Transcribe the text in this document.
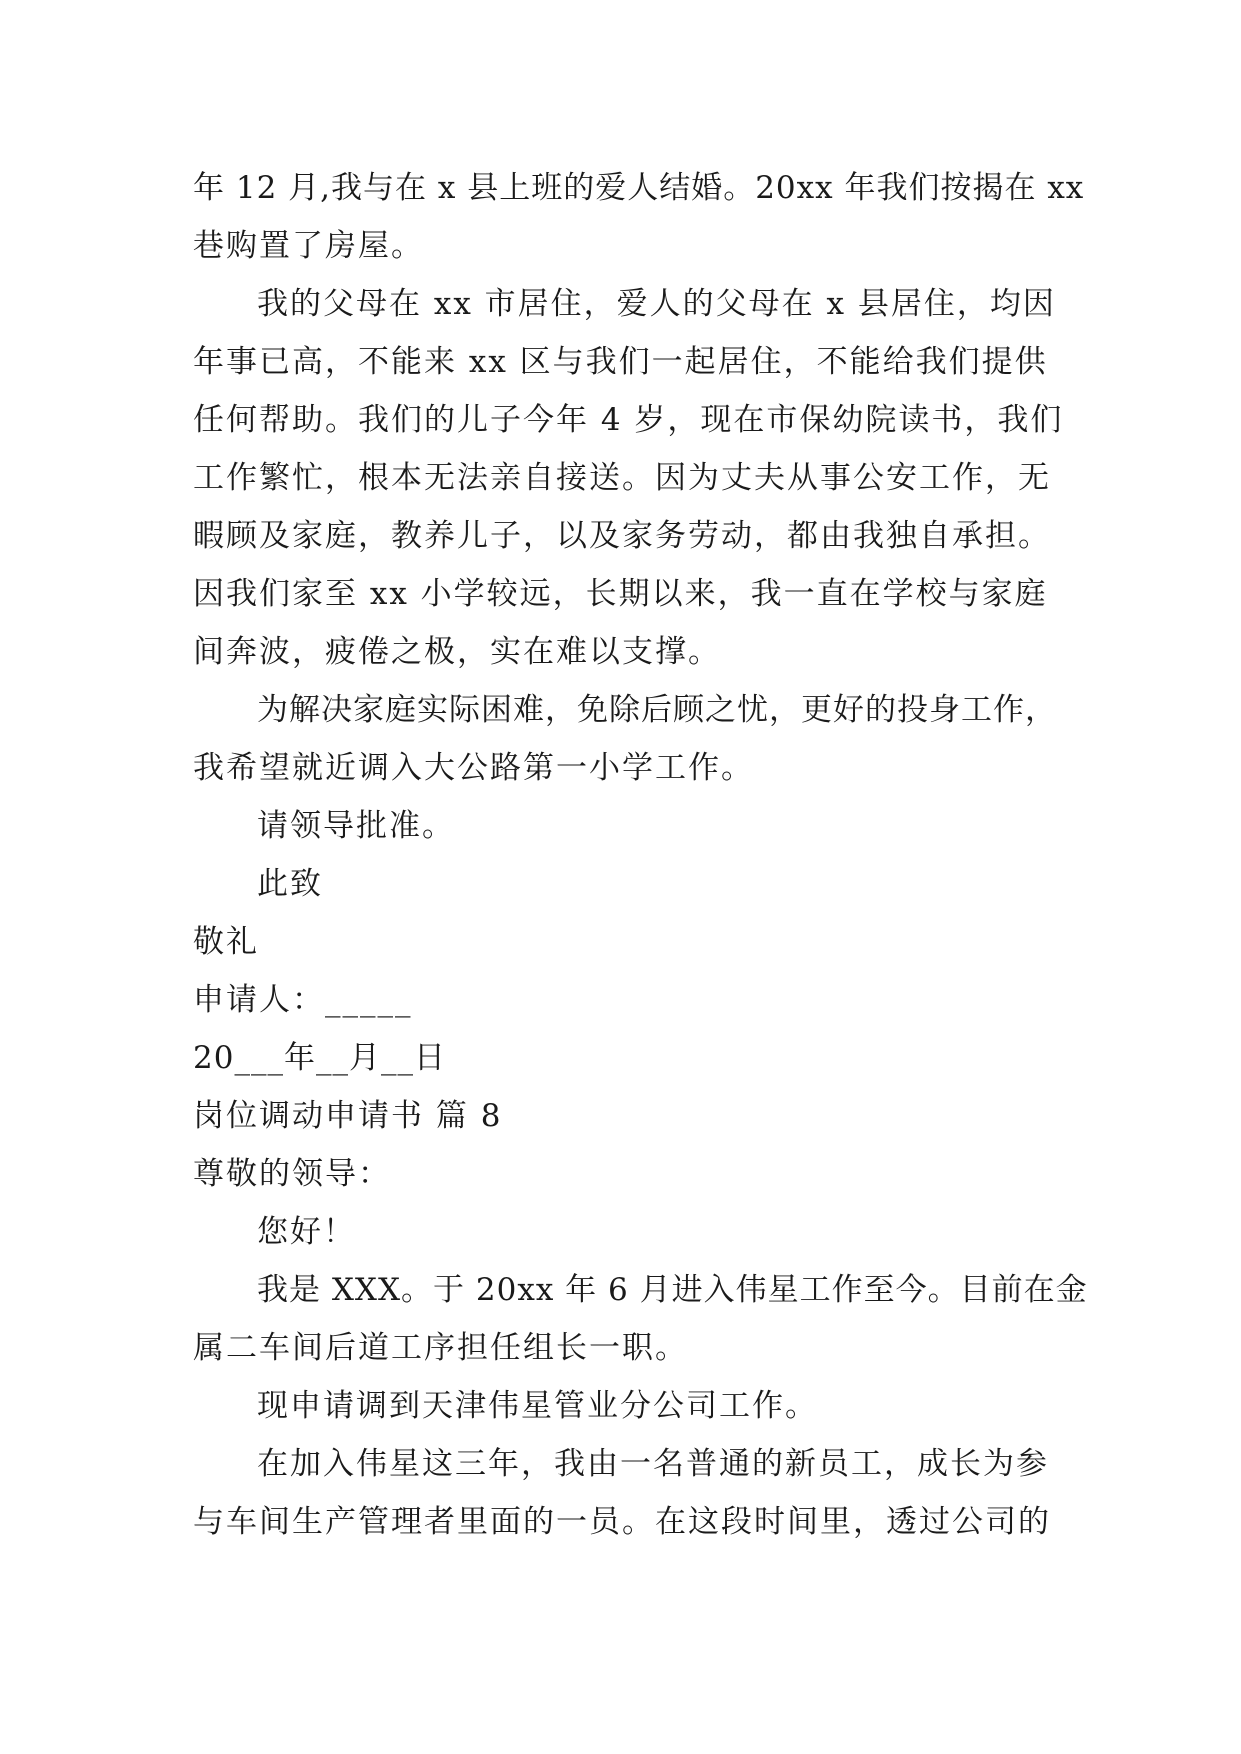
年 12 月,我与在 x 县上班的爱人结婚。20xx 年我们按揭在 xx
巷购置了房屋。
我的父母在 xx 市居住，爱人的父母在 x 县居住，均因
年事已高，不能来 xx 区与我们一起居住，不能给我们提供
任何帮助。我们的儿子今年 4 岁，现在市保幼院读书，我们
工作繁忙，根本无法亲自接送。因为丈夫从事公安工作，无
暇顾及家庭，教养儿子，以及家务劳动，都由我独自承担。
因我们家至 xx 小学较远，长期以来，我一直在学校与家庭
间奔波，疲倦之极，实在难以支撑。
为解决家庭实际困难，免除后顾之忧，更好的投身工作，
我希望就近调入大公路第一小学工作。
请领导批准。
此致
敬礼
申请人：_____
20___年__月__日
岗位调动申请书 篇 8
尊敬的领导：
您好！
我是 XXX。于 20xx 年 6 月进入伟星工作至今。目前在金
属二车间后道工序担任组长一职。
现申请调到天津伟星管业分公司工作。
在加入伟星这三年，我由一名普通的新员工，成长为参
与车间生产管理者里面的一员。在这段时间里，透过公司的
